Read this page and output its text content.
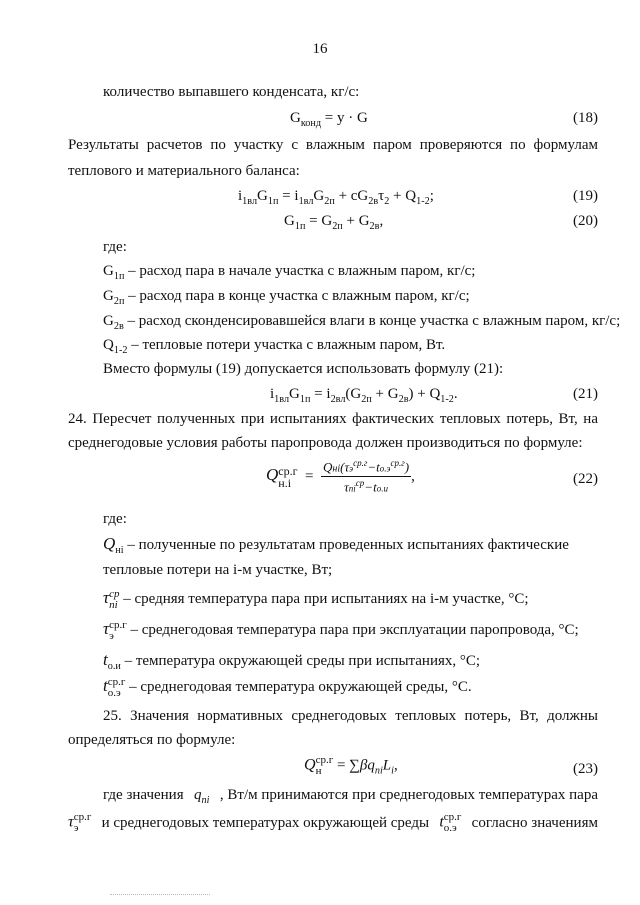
16
количество выпавшего конденсата, кг/с:
$G_{конд} = у \cdot G$	(18)
Результаты расчетов по участку с влажным паром проверяются по формулам
теплового и материального баланса:
$i_{1вл}G_{1п} = i_{1вл}G_{2п} + сG_{2в}\tau_2 + Q_{1-2}$;	(19)
$G_{1п} = G_{2п} + G_{2в}$,	(20)
где:
$G_{1п}$ – расход пара в начале участка с влажным паром, кг/с;
$G_{2п}$ – расход пара в конце участка с влажным паром, кг/с;
$G_{2в}$ – расход сконденсировавшейся влаги в конце участка с влажным паром, кг/с;
$Q_{1-2}$ – тепловые потери участка с влажным паром, Вт.
Вместо формулы (19) допускается использовать формулу (21):
$i_{1вл}G_{1п} = i_{2вл}(G_{2п} + G_{2в}) + Q_{1-2}$.	(21)
24. Пересчет полученных при испытаниях фактических тепловых потерь, Вт, на
среднегодовые условия работы паропровода должен производиться по формуле:
Q ср.г
$н.i = \frac{Qнi(\tau э^{ср.г}-tо.э^{ср.г})}{\tau ni^{ср}-tо.и}$ ,	(22)
где:
$Q_{нi}$ – полученные по результатам проведенных испытаниях фактические
тепловые потери на i-м участке, Вт;
τ ср
ni – средняя температура пара при испытаниях на i-м участке, °С;
τ ср.г
э	– среднегодовая температура пара при эксплуатации паропровода, °С;
$t_{о.и}$ – температура окружающей среды при испытаниях, °С;
t ср.г
о.э – среднегодовая температура окружающей среды, °С.
25. Значения нормативных среднегодовых тепловых потерь, Вт, должны
определяться по формуле:
Q ср.г
$н = \sum\beta q_{ni}L_i$,	(23)
где значения $q_{ni}$ , Вт/м принимаются при среднегодовых температурах пара
τ ср.г
э	и среднегодовых температурах окружающей среды t ср.г
о.э согласно значениям
